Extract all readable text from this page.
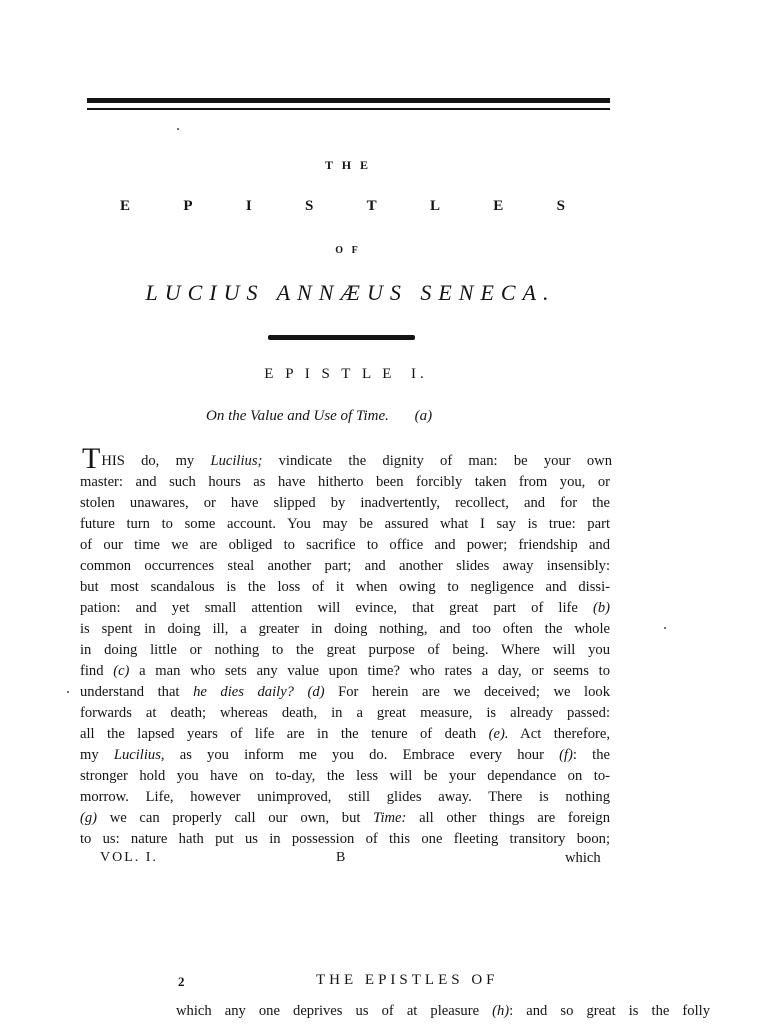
T H E
E	P	I	S	T	L	E	S
O F
LUCIUS ANNÆUS SENECA.
E P I S T L E  I.
On the Value and Use of Time. (a)
THIS do, my Lucilius; vindicate the dignity of man: be your own
master: and such hours as have hitherto been forcibly taken from you, or
stolen unawares, or have slipped by inadvertently, recollect, and for the
future turn to some account. You may be assured what I say is true: part
of our time we are obliged to sacrifice to office and power; friendship and
common occurrences steal another part; and another slides away insensibly:
but most scandalous is the loss of it when owing to negligence and dissi-
pation: and yet small attention will evince, that great part of life (b)
is spent in doing ill, a greater in doing nothing, and too often the whole
in doing little or nothing to the great purpose of being. Where will you
find (c) a man who sets any value upon time? who rates a day, or seems to
understand that he dies daily? (d) For herein are we deceived; we look
forwards at death; whereas death, in a great measure, is already passed:
all the lapsed years of life are in the tenure of death (e). Act therefore,
my Lucilius, as you inform me you do. Embrace every hour (f): the
stronger hold you have on to-day, the less will be your dependance on to-
morrow. Life, however unimproved, still glides away. There is nothing
(g) we can properly call our own, but Time: all other things are foreign
to us: nature hath put us in possession of this one fleeting transitory boon;
VOL. I.	B	which
2	THE EPISTLES OF
which any one deprives us of at pleasure (h): and so great is the folly
